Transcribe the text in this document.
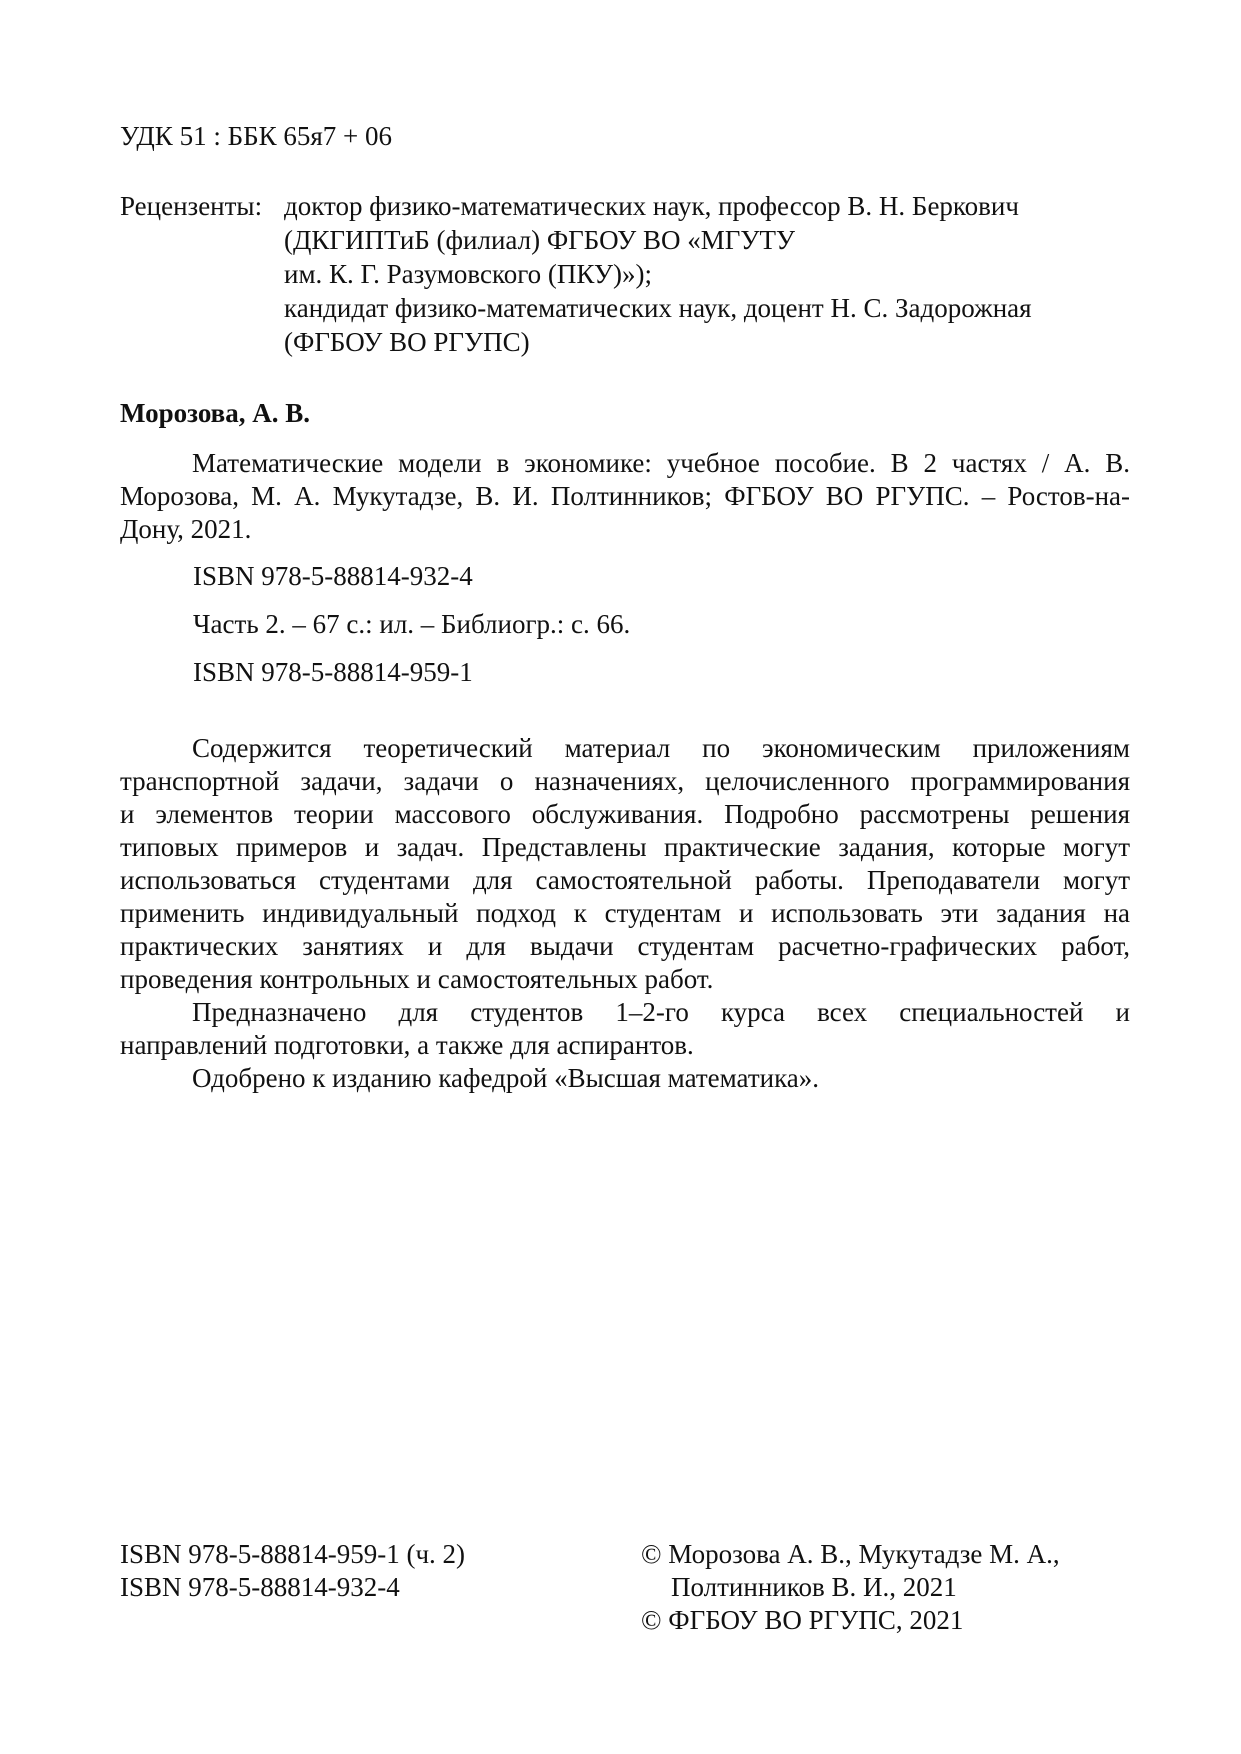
УДК 51 : ББК 65я7 + 06
Рецензенты: доктор физико-математических наук, профессор В. Н. Беркович
(ДКГИПТиБ (филиал) ФГБОУ ВО «МГУТУ
им. К. Г. Разумовского (ПКУ)»);
кандидат физико-математических наук, доцент Н. С. Задорожная
(ФГБОУ ВО РГУПС)
Морозова, А. В.
Математические модели в экономике: учебное пособие. В 2 частях / А. В.
Морозова, М. А. Мукутадзе, В. И. Полтинников; ФГБОУ ВО РГУПС. – Ростов-на-
Дону, 2021.
ISBN 978-5-88814-932-4
Часть 2. – 67 с.: ил. – Библиогр.: с. 66.
ISBN 978-5-88814-959-1
Содержится теоретический материал по экономическим приложениям
транспортной задачи, задачи о назначениях, целочисленного программирования
и элементов теории массового обслуживания. Подробно рассмотрены решения
типовых примеров и задач. Представлены практические задания, которые могут
использоваться студентами для самостоятельной работы. Преподаватели могут
применить индивидуальный подход к студентам и использовать эти задания на
практических занятиях и для выдачи студентам расчетно-графических работ,
проведения контрольных и самостоятельных работ.
Предназначено для студентов 1–2-го курса всех специальностей и
направлений подготовки, а также для аспирантов.
Одобрено к изданию кафедрой «Высшая математика».
ISBN 978-5-88814-959-1 (ч. 2)
ISBN 978-5-88814-932-4
© Морозова А. В., Мукутадзе М. А.,
Полтинников В. И., 2021
© ФГБОУ ВО РГУПС, 2021
